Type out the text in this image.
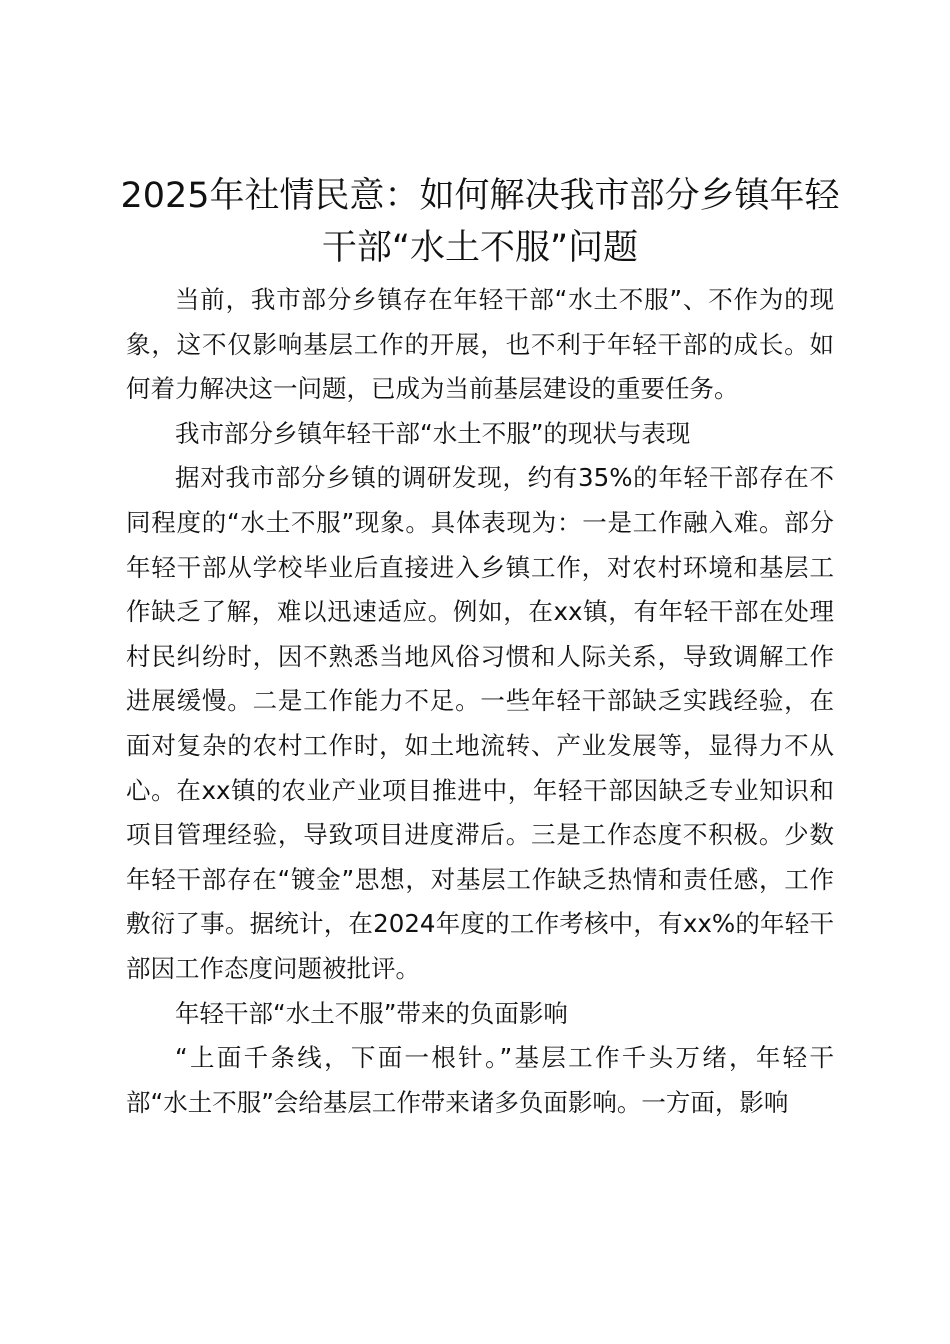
2025年社情民意：如何解决我市部分乡镇年轻干部“水土不服”问题

当前，我市部分乡镇存在年轻干部“水土不服”、不作为的现象，这不仅影响基层工作的开展，也不利于年轻干部的成长。如何着力解决这一问题，已成为当前基层建设的重要任务。

我市部分乡镇年轻干部“水土不服”的现状与表现

据对我市部分乡镇的调研发现，约有35%的年轻干部存在不同程度的“水土不服”现象。具体表现为：一是工作融入难。部分年轻干部从学校毕业后直接进入乡镇工作，对农村环境和基层工作缺乏了解，难以迅速适应。例如，在xx镇，有年轻干部在处理村民纠纷时，因不熟悉当地风俗习惯和人际关系，导致调解工作进展缓慢。二是工作能力不足。一些年轻干部缺乏实践经验，在面对复杂的农村工作时，如土地流转、产业发展等，显得力不从心。在xx镇的农业产业项目推进中，年轻干部因缺乏专业知识和项目管理经验，导致项目进度滞后。三是工作态度不积极。少数年轻干部存在“镀金”思想，对基层工作缺乏热情和责任感，工作敷衍了事。据统计，在2024年度的工作考核中，有xx%的年轻干部因工作态度问题被批评。

年轻干部“水土不服”带来的负面影响

“上面千条线，下面一根针。”基层工作千头万绪，年轻干部“水土不服”会给基层工作带来诸多负面影响。一方面，影响
